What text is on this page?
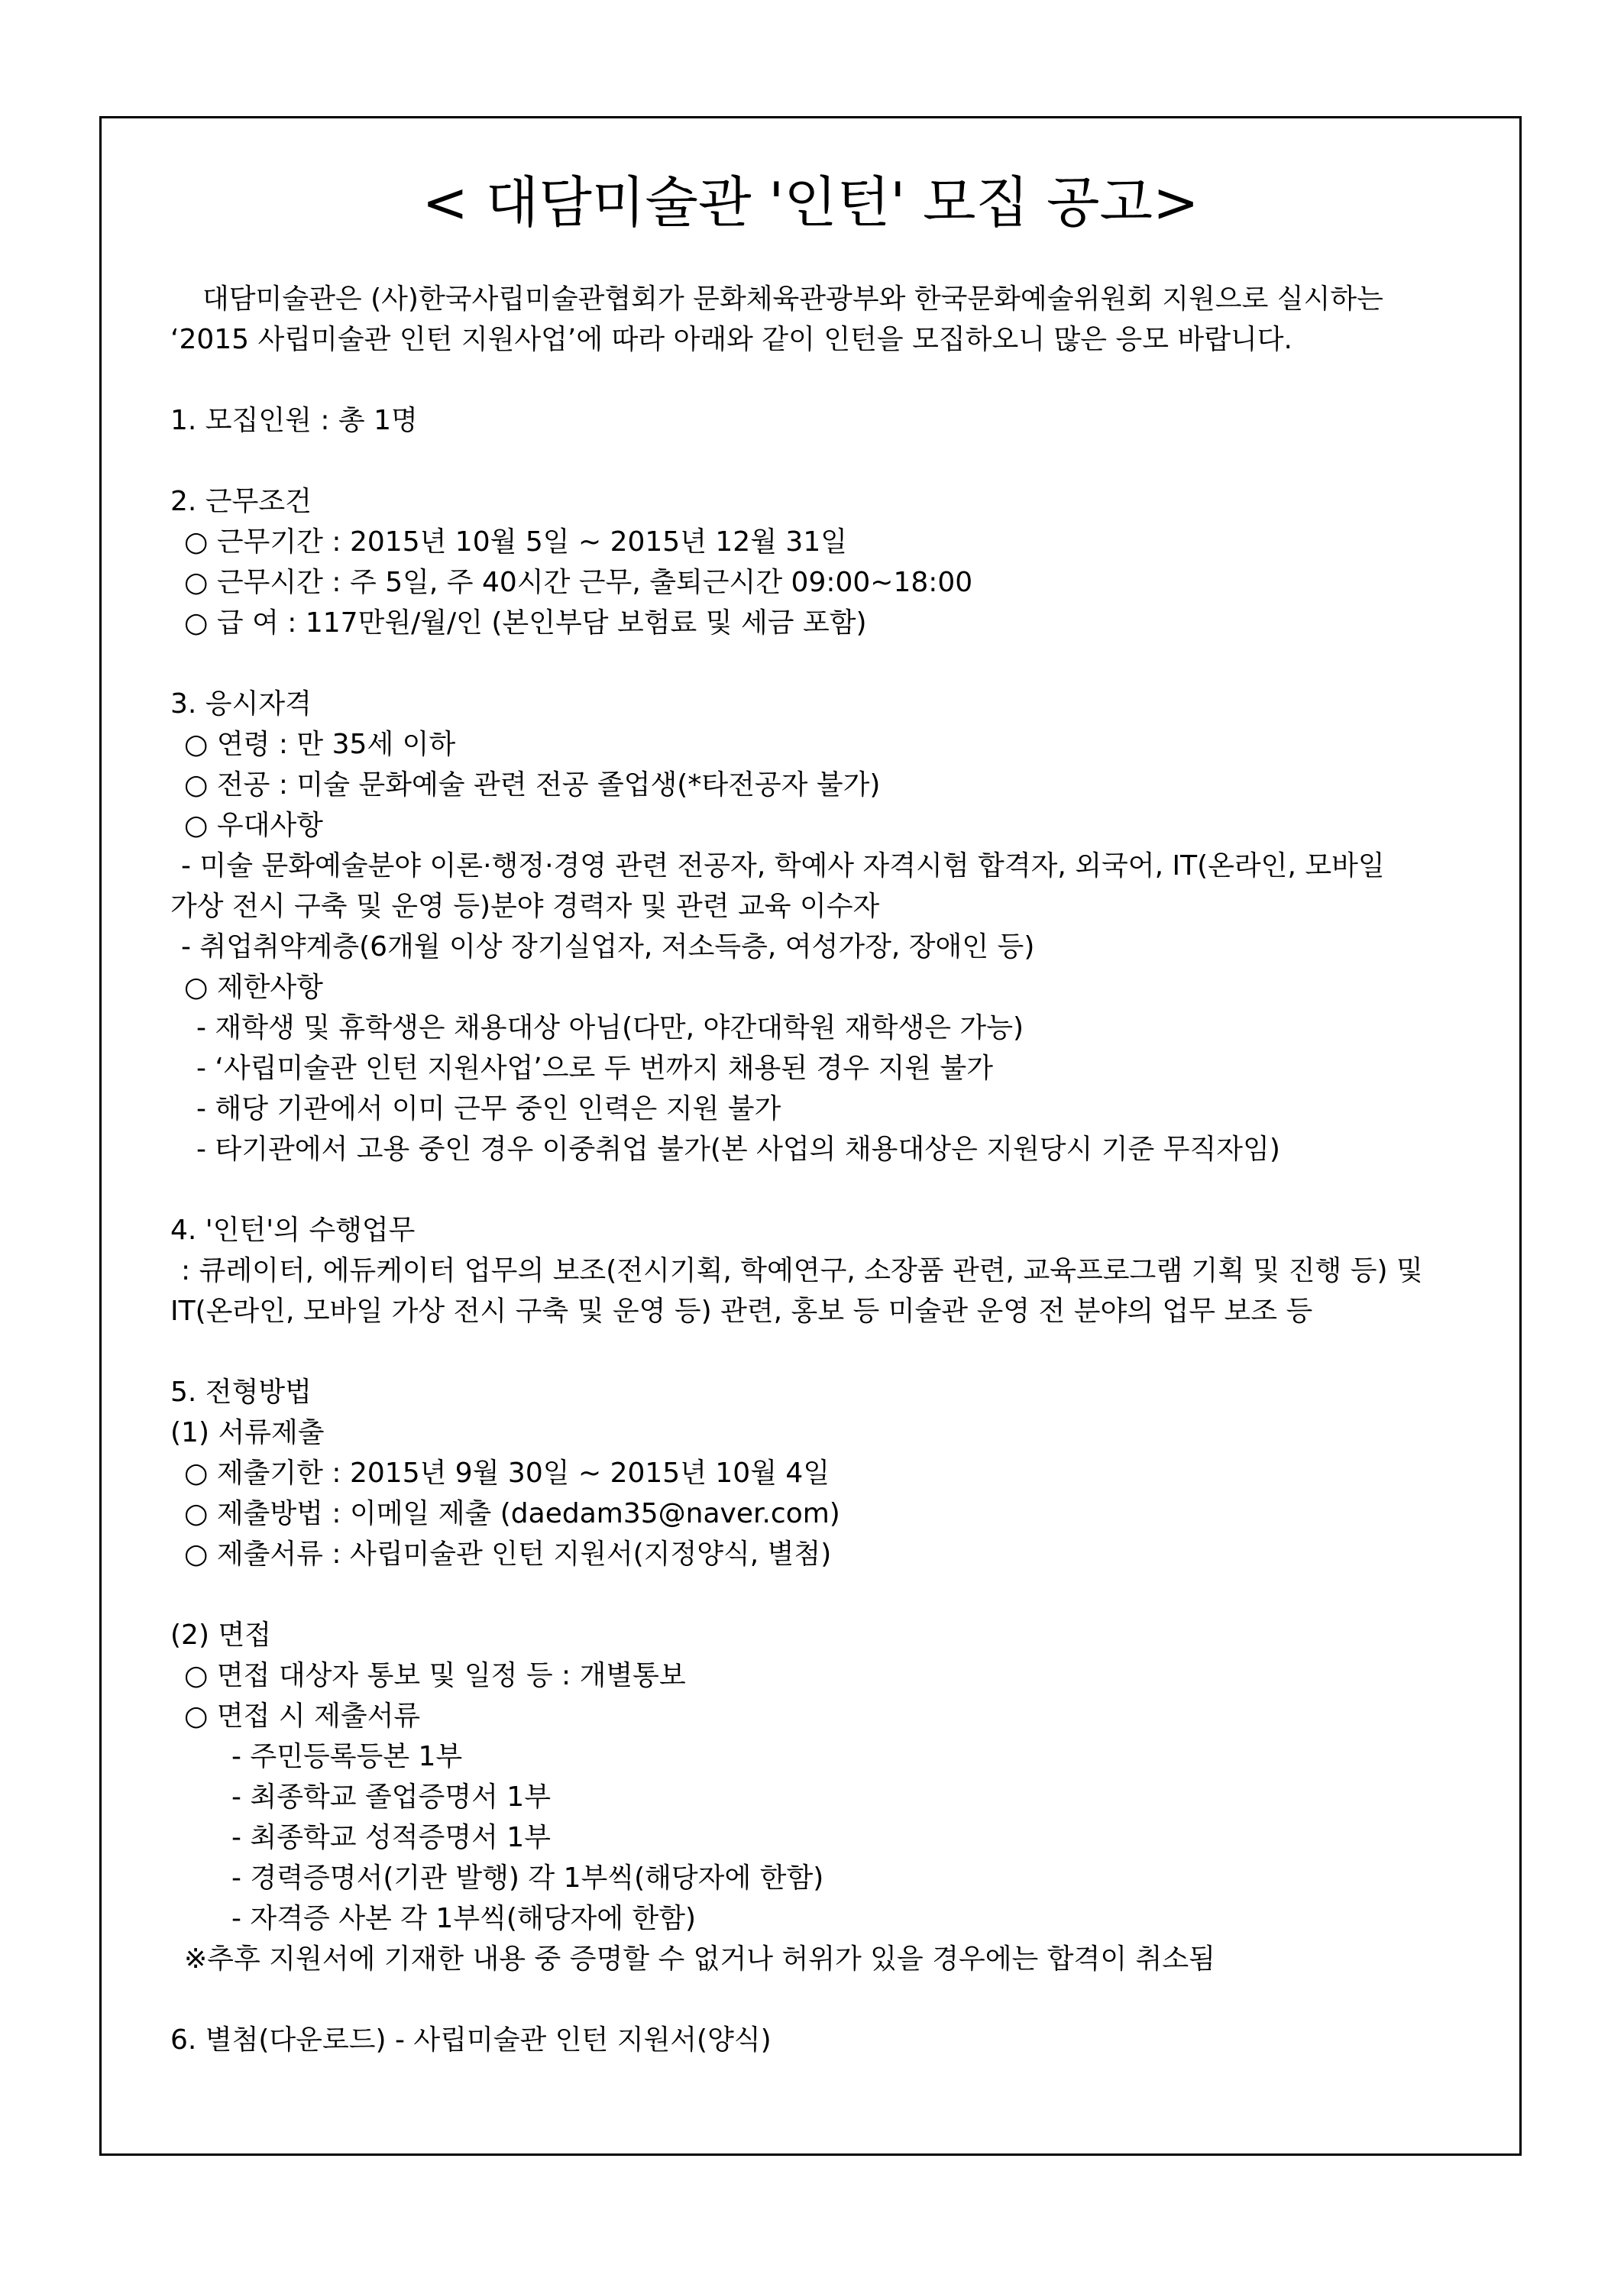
< 대담미술관 '인턴' 모집 공고>
대담미술관은 (사)한국사립미술관협회가 문화체육관광부와 한국문화예술위원회 지원으로 실시하는
‘2015 사립미술관 인턴 지원사업’에 따라 아래와 같이 인턴을 모집하오니 많은 응모 바랍니다.
1. 모집인원 : 총 1명
2. 근무조건
○ 근무기간 : 2015년 10월 5일 ~ 2015년 12월 31일
○ 근무시간 : 주 5일, 주 40시간 근무, 출퇴근시간 09:00~18:00
○ 급 여 : 117만원/월/인 (본인부담 보험료 및 세금 포함)
3. 응시자격
○ 연령 : 만 35세 이하
○ 전공 : 미술 문화예술 관련 전공 졸업생(*타전공자 불가)
○ 우대사항
- 미술 문화예술분야 이론·행정·경영 관련 전공자, 학예사 자격시험 합격자, 외국어, IT(온라인, 모바일
가상 전시 구축 및 운영 등)분야 경력자 및 관련 교육 이수자
- 취업취약계층(6개월 이상 장기실업자, 저소득층, 여성가장, 장애인 등)
○ 제한사항
- 재학생 및 휴학생은 채용대상 아님(다만, 야간대학원 재학생은 가능)
- ‘사립미술관 인턴 지원사업’으로 두 번까지 채용된 경우 지원 불가
- 해당 기관에서 이미 근무 중인 인력은 지원 불가
- 타기관에서 고용 중인 경우 이중취업 불가(본 사업의 채용대상은 지원당시 기준 무직자임)
4. '인턴'의 수행업무
: 큐레이터, 에듀케이터 업무의 보조(전시기획, 학예연구, 소장품 관련, 교육프로그램 기획 및 진행 등) 및
IT(온라인, 모바일 가상 전시 구축 및 운영 등) 관련, 홍보 등 미술관 운영 전 분야의 업무 보조 등
5. 전형방법
(1) 서류제출
○ 제출기한 : 2015년 9월 30일 ~ 2015년 10월 4일
○ 제출방법 : 이메일 제출 (daedam35@naver.com)
○ 제출서류 : 사립미술관 인턴 지원서(지정양식, 별첨)
(2) 면접
○ 면접 대상자 통보 및 일정 등 : 개별통보
○ 면접 시 제출서류
- 주민등록등본 1부
- 최종학교 졸업증명서 1부
- 최종학교 성적증명서 1부
- 경력증명서(기관 발행) 각 1부씩(해당자에 한함)
- 자격증 사본 각 1부씩(해당자에 한함)
※추후 지원서에 기재한 내용 중 증명할 수 없거나 허위가 있을 경우에는 합격이 취소됨
6. 별첨(다운로드) - 사립미술관 인턴 지원서(양식)
